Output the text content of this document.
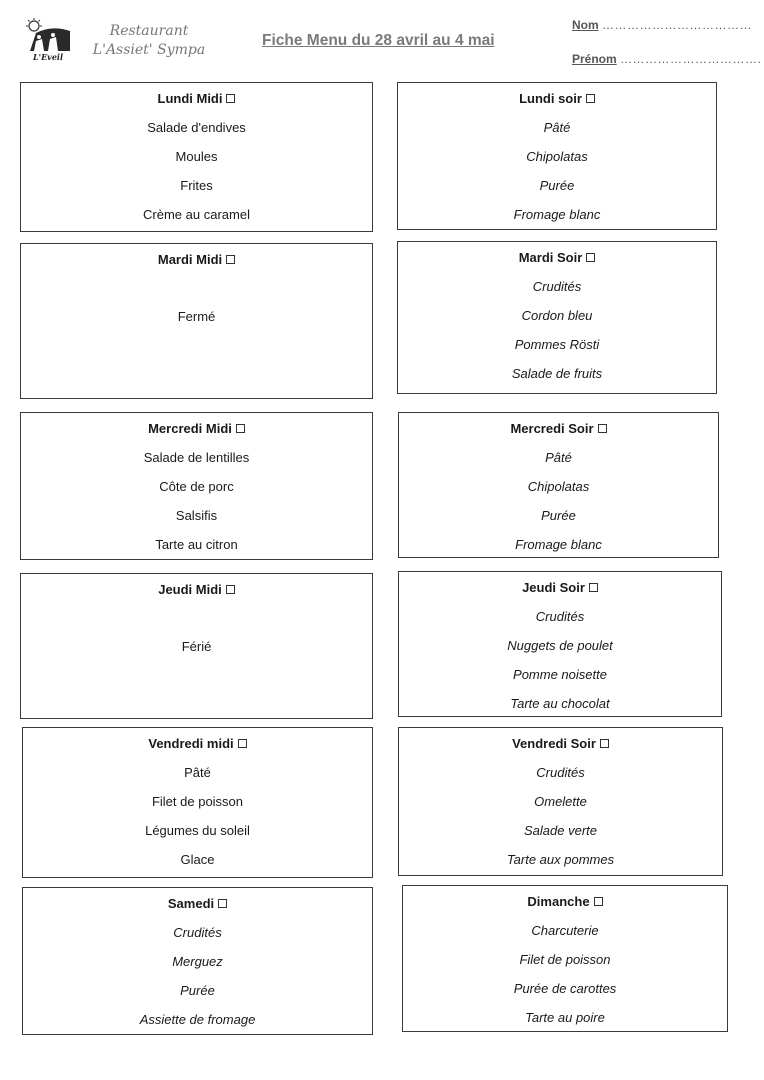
L'Eveil
Restaurant
L'Assiet' Sympa
Fiche Menu du 28 avril au 4 mai
Nom ………………………………
Prénom …………………………….
Lundi Midi
Salade d'endives
Moules
Frites
Crème au caramel
Lundi soir
Pâté
Chipolatas
Purée
Fromage blanc
Mardi Midi
Fermé
Mardi Soir
Crudités
Cordon bleu
Pommes Rösti
Salade de fruits
Mercredi Midi
Salade de lentilles
Côte de porc
Salsifis
Tarte au citron
Mercredi Soir
Pâté
Chipolatas
Purée
Fromage blanc
Jeudi Midi
Férié
Jeudi Soir
Crudités
Nuggets de poulet
Pomme noisette
Tarte au chocolat
Vendredi midi
Pâté
Filet de poisson
Légumes du soleil
Glace
Vendredi Soir
Crudités
Omelette
Salade verte
Tarte aux pommes
Samedi
Crudités
Merguez
Purée
Assiette de fromage
Dimanche
Charcuterie
Filet de poisson
Purée de carottes
Tarte au poire
